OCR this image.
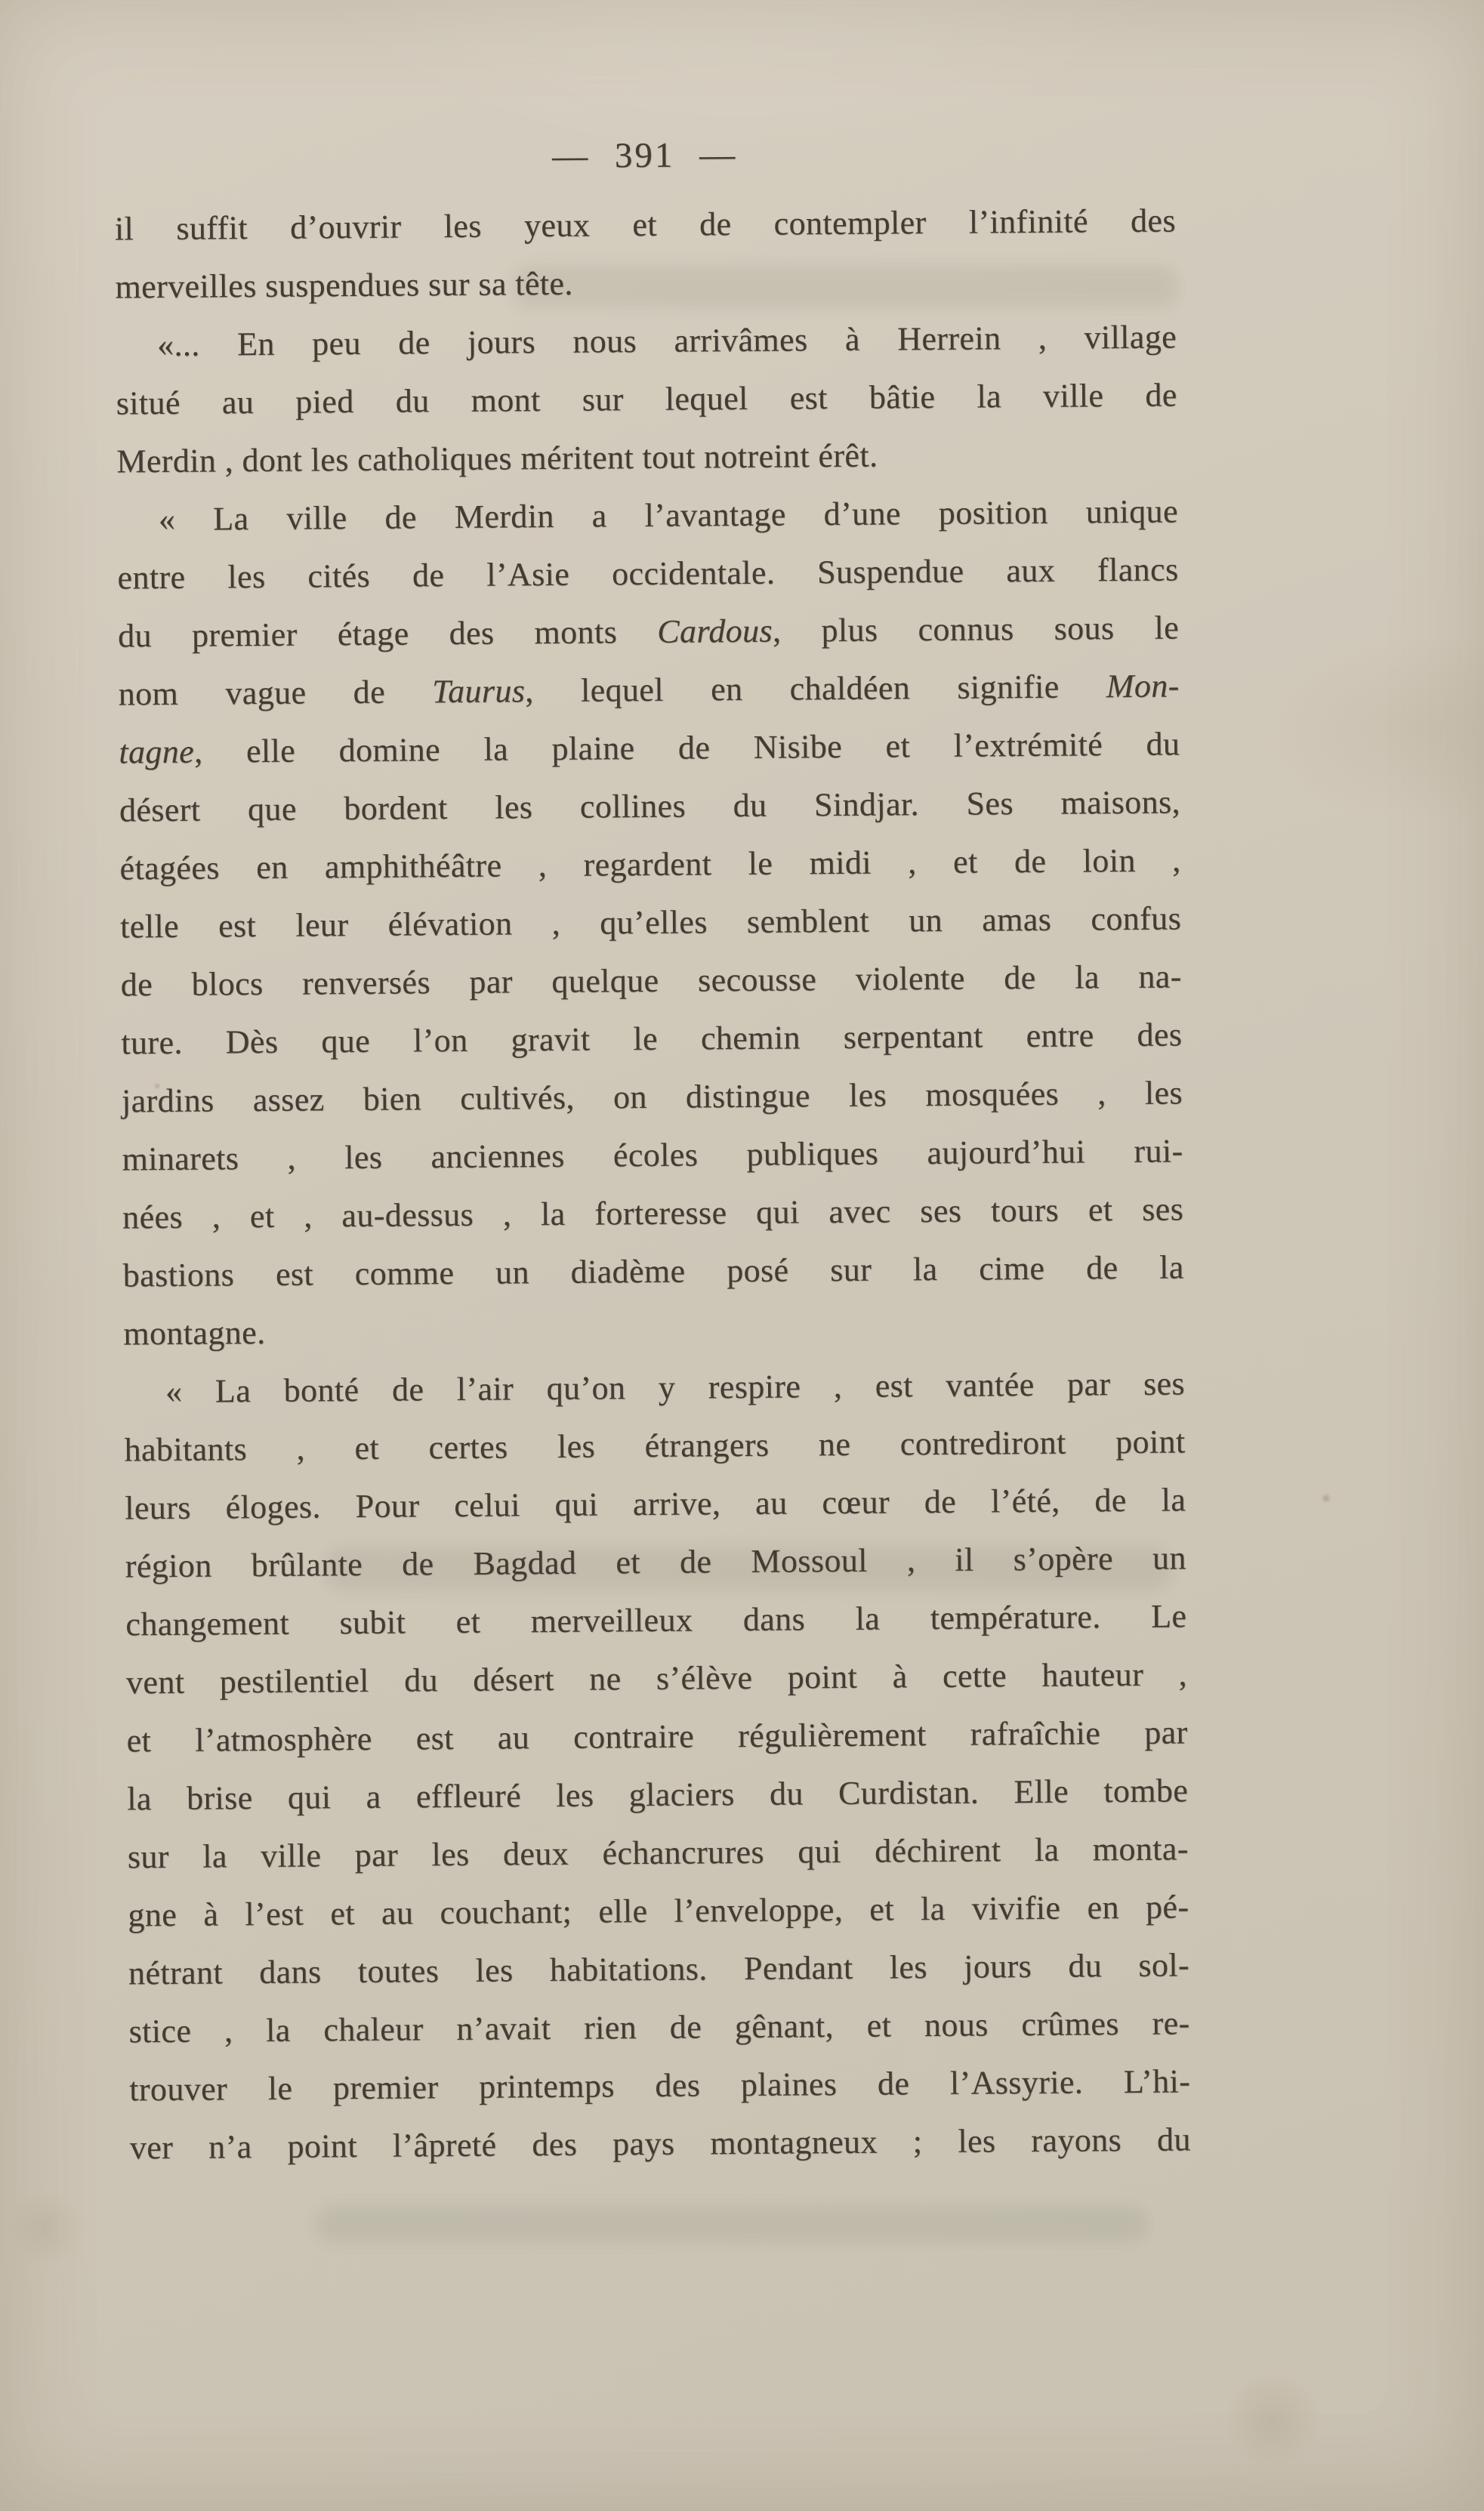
— 391 —
il suffit d’ouvrir les yeux et de contempler l’infinité des
merveilles suspendues sur sa tête.
«... En peu de jours nous arrivâmes à Herrein , village
situé au pied du mont sur lequel est bâtie la ville de
Merdin , dont les catholiques méritent tout notreint érêt.
« La ville de Merdin a l’avantage d’une position unique
entre les cités de l’Asie occidentale. Suspendue aux flancs
du premier étage des monts Cardous, plus connus sous le
nom vague de Taurus, lequel en chaldéen signifie Mon-
tagne, elle domine la plaine de Nisibe et l’extrémité du
désert que bordent les collines du Sindjar. Ses maisons,
étagées en amphithéâtre , regardent le midi , et de loin ,
telle est leur élévation , qu’elles semblent un amas confus
de blocs renversés par quelque secousse violente de la na-
ture. Dès que l’on gravit le chemin serpentant entre des
jardins assez bien cultivés, on distingue les mosquées , les
minarets , les anciennes écoles publiques aujourd’hui rui-
nées , et , au-dessus , la forteresse qui avec ses tours et ses
bastions est comme un diadème posé sur la cime de la
montagne.
« La bonté de l’air qu’on y respire , est vantée par ses
habitants , et certes les étrangers ne contrediront point
leurs éloges. Pour celui qui arrive, au cœur de l’été, de la
région brûlante de Bagdad et de Mossoul , il s’opère un
changement subit et merveilleux dans la température. Le
vent pestilentiel du désert ne s’élève point à cette hauteur ,
et l’atmosphère est au contraire régulièrement rafraîchie par
la brise qui a effleuré les glaciers du Curdistan. Elle tombe
sur la ville par les deux échancrures qui déchirent la monta-
gne à l’est et au couchant; elle l’enveloppe, et la vivifie en pé-
nétrant dans toutes les habitations. Pendant les jours du sol-
stice , la chaleur n’avait rien de gênant, et nous crûmes re-
trouver le premier printemps des plaines de l’Assyrie. L’hi-
ver n’a point l’âpreté des pays montagneux ; les rayons du
